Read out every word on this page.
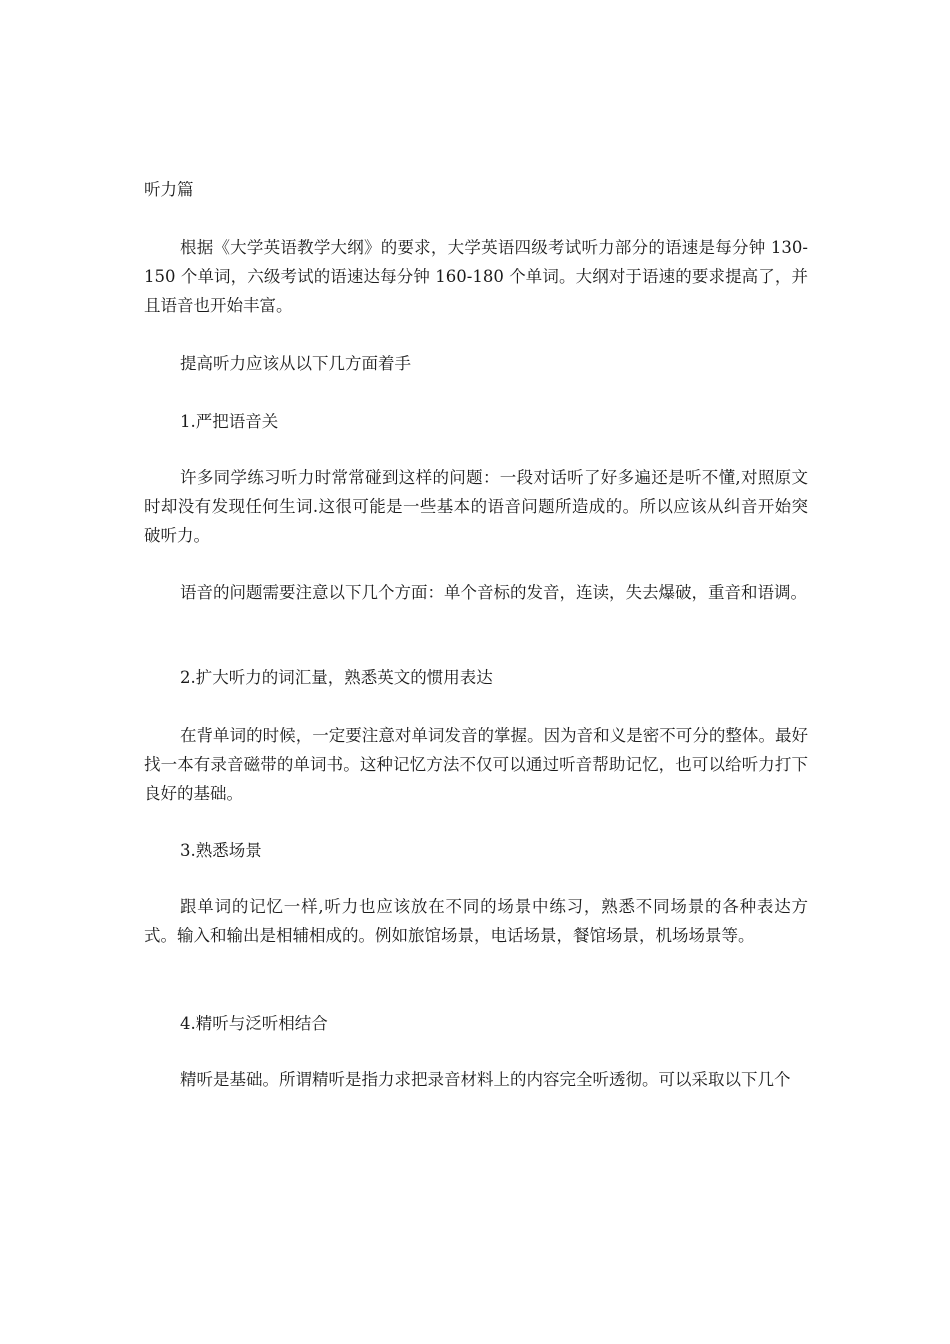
听力篇
根据《大学英语教学大纲》的要求，大学英语四级考试听力部分的语速是每分钟 130-150 个单词，六级考试的语速达每分钟 160-180 个单词。大纲对于语速的要求提高了，并且语音也开始丰富。
提高听力应该从以下几方面着手
1.严把语音关
许多同学练习听力时常常碰到这样的问题：一段对话听了好多遍还是听不懂,对照原文时却没有发现任何生词.这很可能是一些基本的语音问题所造成的。所以应该从纠音开始突破听力。
语音的问题需要注意以下几个方面：单个音标的发音，连读，失去爆破，重音和语调。
2.扩大听力的词汇量，熟悉英文的惯用表达
在背单词的时候，一定要注意对单词发音的掌握。因为音和义是密不可分的整体。最好找一本有录音磁带的单词书。这种记忆方法不仅可以通过听音帮助记忆，也可以给听力打下良好的基础。
3.熟悉场景
跟单词的记忆一样,听力也应该放在不同的场景中练习，熟悉不同场景的各种表达方式。输入和输出是相辅相成的。例如旅馆场景，电话场景，餐馆场景，机场场景等。
4.精听与泛听相结合
精听是基础。所谓精听是指力求把录音材料上的内容完全听透彻。可以采取以下几个
